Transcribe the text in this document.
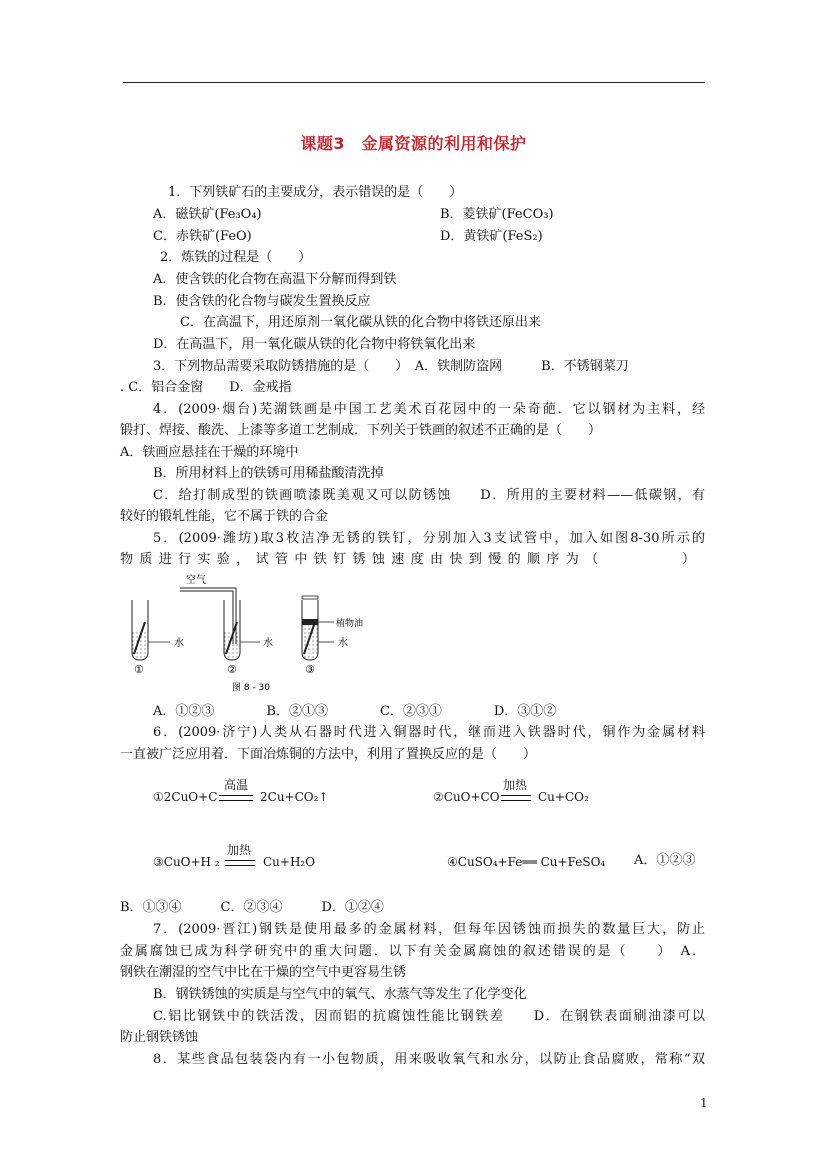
课题3　金属资源的利用和保护
1．下列铁矿石的主要成分，表示错误的是（　　）
A．磁铁矿(Fe₃O₄)	B．菱铁矿(FeCO₃)
C．赤铁矿(FeO)	D．黄铁矿(FeS₂)
2．炼铁的过程是（　　）
A．使含铁的化合物在高温下分解而得到铁
B．使含铁的化合物与碳发生置换反应
C．在高温下，用还原剂一氧化碳从铁的化合物中将铁还原出来
D．在高温下，用一氧化碳从铁的化合物中将铁氧化出来
3．下列物品需要采取防锈措施的是（　　）　A．铁制防盗网　　　B．不锈钢菜刀
. C．铝合金窗　　D．金戒指
4．(2009·烟台)芜湖铁画是中国工艺美术百花园中的一朵奇葩．它以钢材为主料，经
锻打、焊接、酸洗、上漆等多道工艺制成．下列关于铁画的叙述不正确的是（　　）
A．铁画应悬挂在干燥的环境中
B．所用材料上的铁锈可用稀盐酸清洗掉
C．给打制成型的铁画喷漆既美观又可以防锈蚀　　D．所用的主要材料——低碳钢，有
较好的锻轧性能，它不属于铁的合金
5．(2009·潍坊)取3枚洁净无锈的铁钉，分别加入3支试管中，加入如图8-30所示的
物质进行实验，试管中铁钉锈蚀速度由快到慢的顺序为（　　　　）
空气
水
①
水
②
植物油
水
③
图 8 - 30
A．①②③　　　　B．②①③　　　　C．②③①　　　　D．③①②
6．(2009·济宁)人类从石器时代进入铜器时代，继而进入铁器时代，铜作为金属材料
一直被广泛应用着．下面冶炼铜的方法中，利用了置换反应的是（　　）
①2CuO+C
高温
2Cu+CO₂↑	②CuO+CO
加热
Cu+CO₂
③CuO+H ₂
加热
Cu+H₂O	④CuSO₄+Fe══ Cu+FeSO₄ A．①②③
B．①③④　　　C．②③④　　　D．①②④
7．(2009·晋江)钢铁是使用最多的金属材料，但每年因锈蚀而损失的数量巨大，防止
金属腐蚀已成为科学研究中的重大问题．以下有关金属腐蚀的叙述错误的是（　　）　A．
钢铁在潮湿的空气中比在干燥的空气中更容易生锈
B．钢铁锈蚀的实质是与空气中的氧气、水蒸气等发生了化学变化
C.铝比钢铁中的铁活泼，因而铝的抗腐蚀性能比钢铁差　　D．在钢铁表面刷油漆可以
防止钢铁锈蚀
8．某些食品包装袋内有一小包物质，用来吸收氧气和水分，以防止食品腐败，常称“双
1
